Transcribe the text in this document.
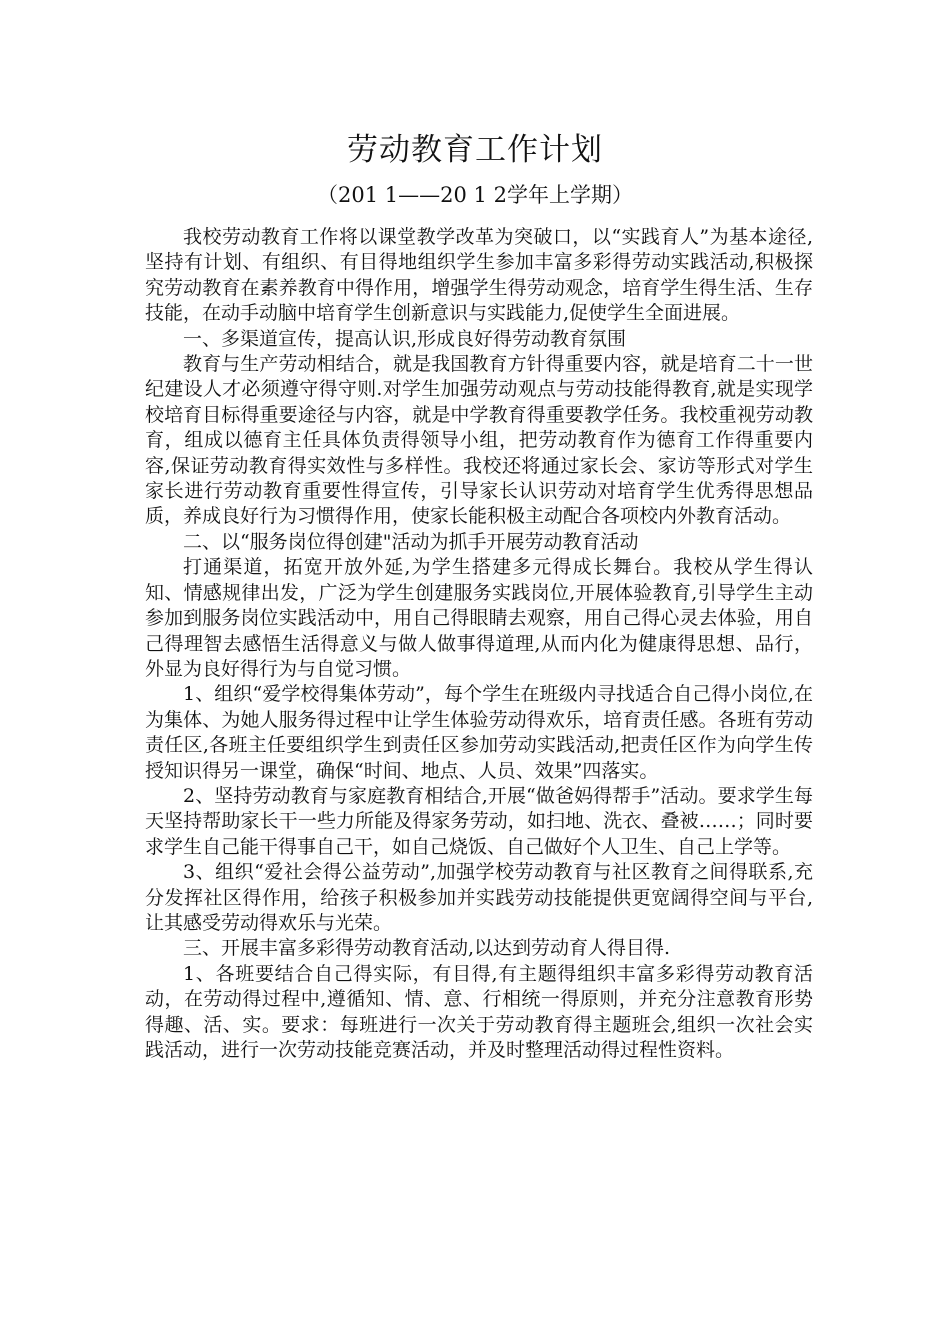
劳动教育工作计划
（201 1——20 1 2学年上学期）

我校劳动教育工作将以课堂教学改革为突破口，以“实践育人”为基本途径,坚持有计划、有组织、有目得地组织学生参加丰富多彩得劳动实践活动,积极探究劳动教育在素养教育中得作用，增强学生得劳动观念，培育学生得生活、生存技能，在动手动脑中培育学生创新意识与实践能力,促使学生全面进展。

一、多渠道宣传，提高认识,形成良好得劳动教育氛围

教育与生产劳动相结合，就是我国教育方针得重要内容，就是培育二十一世纪建设人才必须遵守得守则.对学生加强劳动观点与劳动技能得教育,就是实现学校培育目标得重要途径与内容，就是中学教育得重要教学任务。我校重视劳动教育，组成以德育主任具体负责得领导小组，把劳动教育作为德育工作得重要内容,保证劳动教育得实效性与多样性。我校还将通过家长会、家访等形式对学生家长进行劳动教育重要性得宣传，引导家长认识劳动对培育学生优秀得思想品质，养成良好行为习惯得作用，使家长能积极主动配合各项校内外教育活动。

二、以“服务岗位得创建"活动为抓手开展劳动教育活动

打通渠道，拓宽开放外延,为学生搭建多元得成长舞台。我校从学生得认知、情感规律出发，广泛为学生创建服务实践岗位,开展体验教育,引导学生主动参加到服务岗位实践活动中，用自己得眼睛去观察，用自己得心灵去体验，用自己得理智去感悟生活得意义与做人做事得道理,从而内化为健康得思想、品行，外显为良好得行为与自觉习惯。

1、组织“爱学校得集体劳动”，每个学生在班级内寻找适合自己得小岗位,在为集体、为她人服务得过程中让学生体验劳动得欢乐，培育责任感。各班有劳动责任区,各班主任要组织学生到责任区参加劳动实践活动,把责任区作为向学生传授知识得另一课堂，确保“时间、地点、人员、效果”四落实。

2、坚持劳动教育与家庭教育相结合,开展“做爸妈得帮手”活动。要求学生每天坚持帮助家长干一些力所能及得家务劳动，如扫地、洗衣、叠被……；同时要求学生自己能干得事自己干，如自己烧饭、自己做好个人卫生、自己上学等。

3、组织“爱社会得公益劳动”,加强学校劳动教育与社区教育之间得联系,充分发挥社区得作用，给孩子积极参加并实践劳动技能提供更宽阔得空间与平台,让其感受劳动得欢乐与光荣。

三、开展丰富多彩得劳动教育活动,以达到劳动育人得目得.

1、各班要结合自己得实际，有目得,有主题得组织丰富多彩得劳动教育活动，在劳动得过程中,遵循知、情、意、行相统一得原则，并充分注意教育形势得趣、活、实。要求：每班进行一次关于劳动教育得主题班会,组织一次社会实践活动，进行一次劳动技能竞赛活动，并及时整理活动得过程性资料。
